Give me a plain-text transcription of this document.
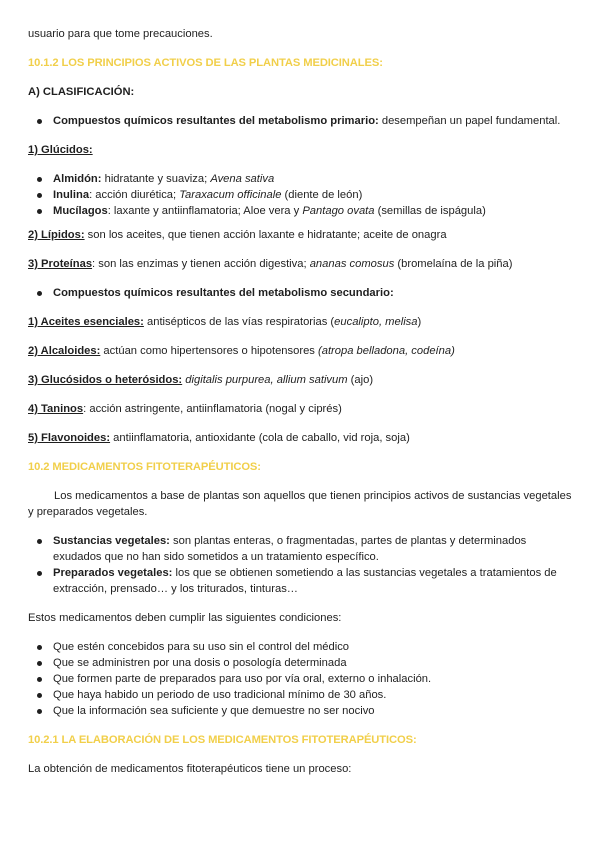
usuario para que tome precauciones.

10.1.2 LOS PRINCIPIOS ACTIVOS DE LAS PLANTAS MEDICINALES:

A) CLASIFICACIÓN:

Compuestos químicos resultantes del metabolismo primario: desempeñan un papel fundamental.

1) Glúcidos:

Almidón: hidratante y suaviza; Avena sativa
Inulina: acción diurética; Taraxacum officinale (diente de león)
Mucílagos: laxante y antiinflamatoria; Aloe vera y Pantago ovata (semillas de ispágula)

2) Lípidos: son los aceites, que tienen acción laxante e hidratante; aceite de onagra

3) Proteínas: son las enzimas y tienen acción digestiva; ananas comosus (bromelaína de la piña)

Compuestos químicos resultantes del metabolismo secundario:

1) Aceites esenciales: antisépticos de las vías respiratorias (eucalipto, melisa)

2) Alcaloides: actúan como hipertensores o hipotensores (atropa belladona, codeína)

3) Glucósidos o heterósidos: digitalis purpurea, allium sativum (ajo)

4) Taninos: acción astringente, antiinflamatoria (nogal y ciprés)

5) Flavonoides: antiinflamatoria, antioxidante (cola de caballo, vid roja, soja)

10.2 MEDICAMENTOS FITOTERAPÉUTICOS:

Los medicamentos a base de plantas son aquellos que tienen principios activos de sustancias vegetales y preparados vegetales.

Sustancias vegetales: son plantas enteras, o fragmentadas, partes de plantas y determinados exudados que no han sido sometidos a un tratamiento específico.
Preparados vegetales: los que se obtienen sometiendo a las sustancias vegetales a tratamientos de extracción, prensado… y los triturados, tinturas…

Estos medicamentos deben cumplir las siguientes condiciones:

Que estén concebidos para su uso sin el control del médico
Que se administren por una dosis o posología determinada
Que formen parte de preparados para uso por vía oral, externo o inhalación.
Que haya habido un periodo de uso tradicional mínimo de 30 años.
Que la información sea suficiente y que demuestre no ser nocivo

10.2.1 LA ELABORACIÓN DE LOS MEDICAMENTOS FITOTERAPÉUTICOS:

La obtención de medicamentos fitoterapéuticos tiene un proceso:
